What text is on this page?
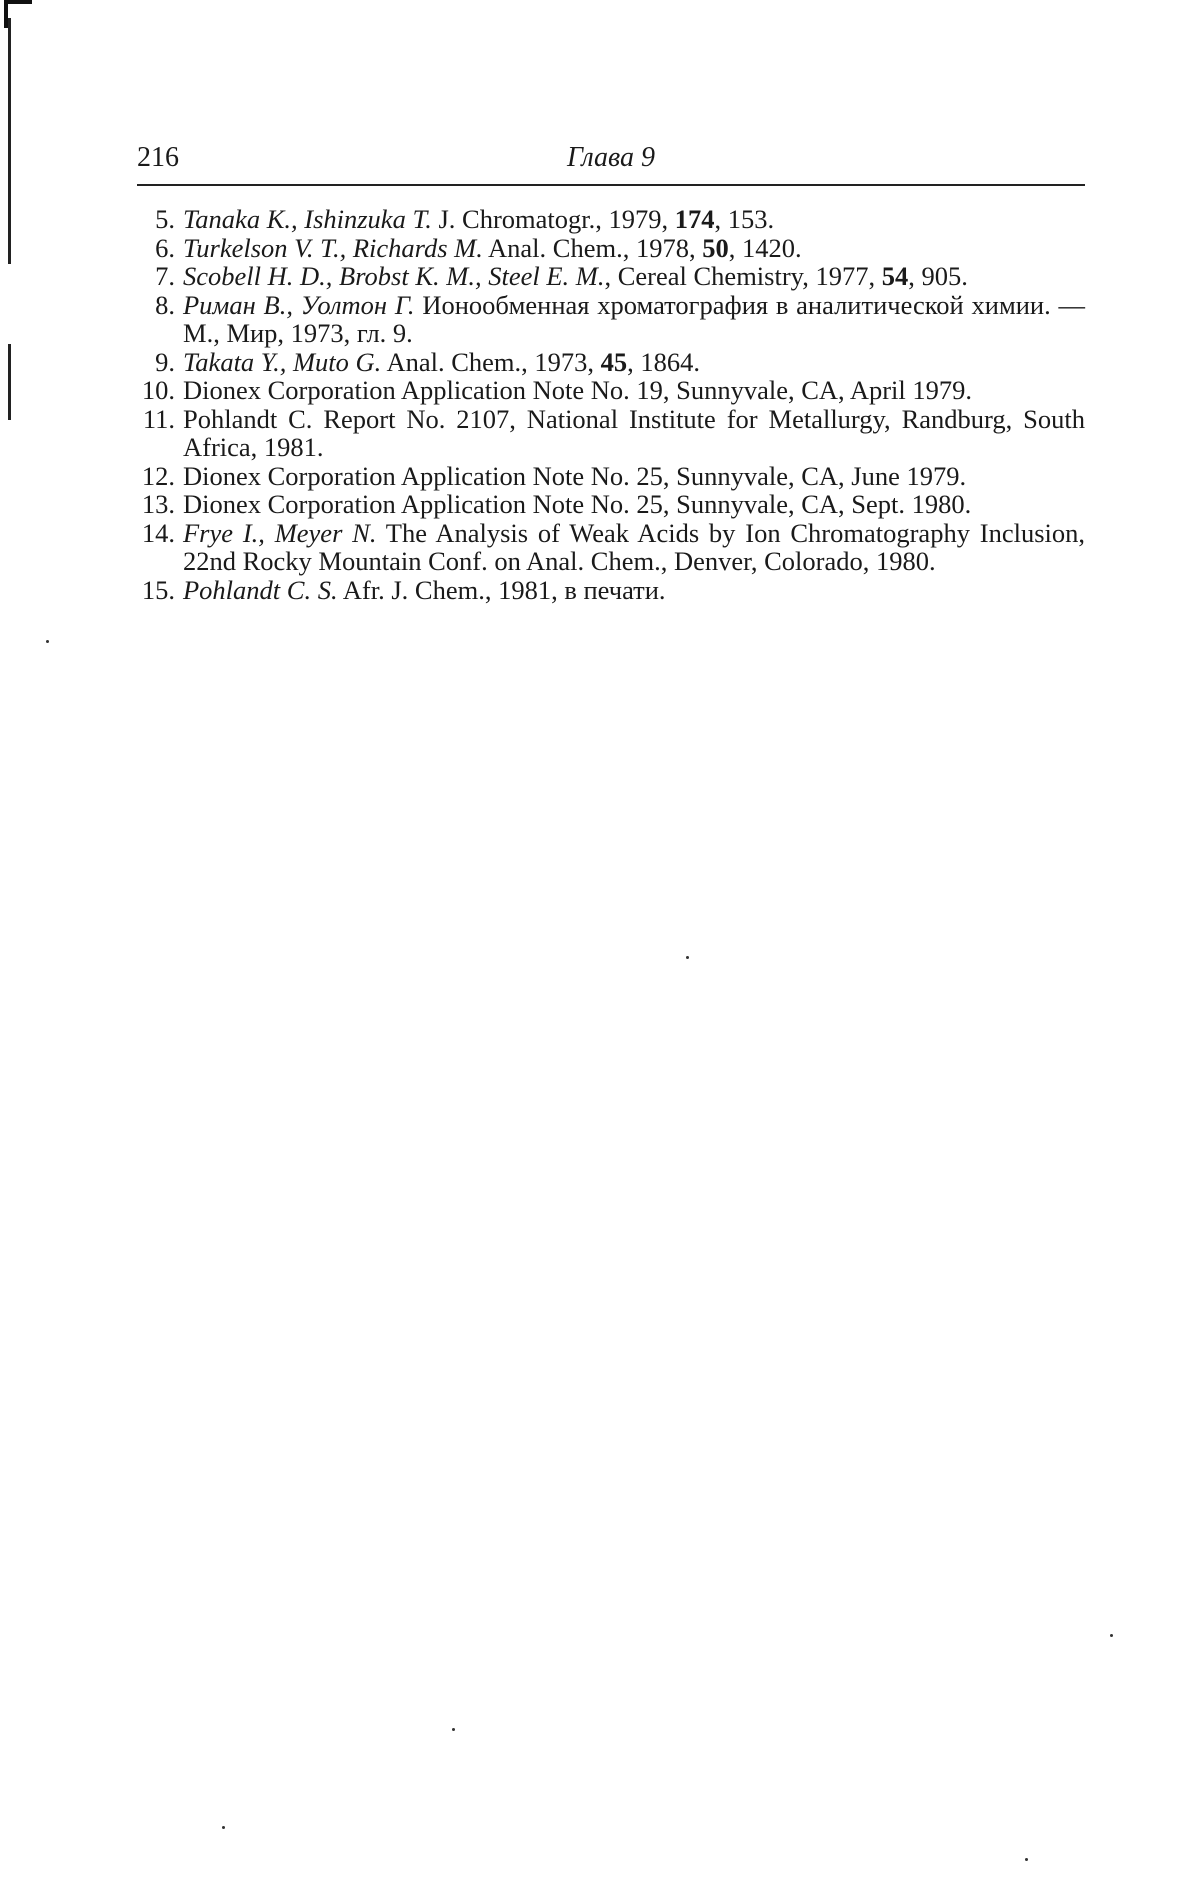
216	Глава 9
5. Tanaka K., Ishinzuka T. J. Chromatogr., 1979, 174, 153.
6. Turkelson V. T., Richards M. Anal. Chem., 1978, 50, 1420.
7. Scobell H. D., Brobst K. M., Steel E. M., Cereal Chemistry, 1977, 54, 905.
8. Риман В., Уолтон Г. Ионообменная хроматография в аналитической химии. — М., Мир, 1973, гл. 9.
9. Takata Y., Muto G. Anal. Chem., 1973, 45, 1864.
10. Dionex Corporation Application Note No. 19, Sunnyvale, CA, April 1979.
11. Pohlandt C. Report No. 2107, National Institute for Metallurgy, Randburg, South Africa, 1981.
12. Dionex Corporation Application Note No. 25, Sunnyvale, CA, June 1979.
13. Dionex Corporation Application Note No. 25, Sunnyvale, CA, Sept. 1980.
14. Frye I., Meyer N. The Analysis of Weak Acids by Ion Chromatography Inclusion, 22nd Rocky Mountain Conf. on Anal. Chem., Denver, Colorado, 1980.
15. Pohlandt C. S. Afr. J. Chem., 1981, в печати.
